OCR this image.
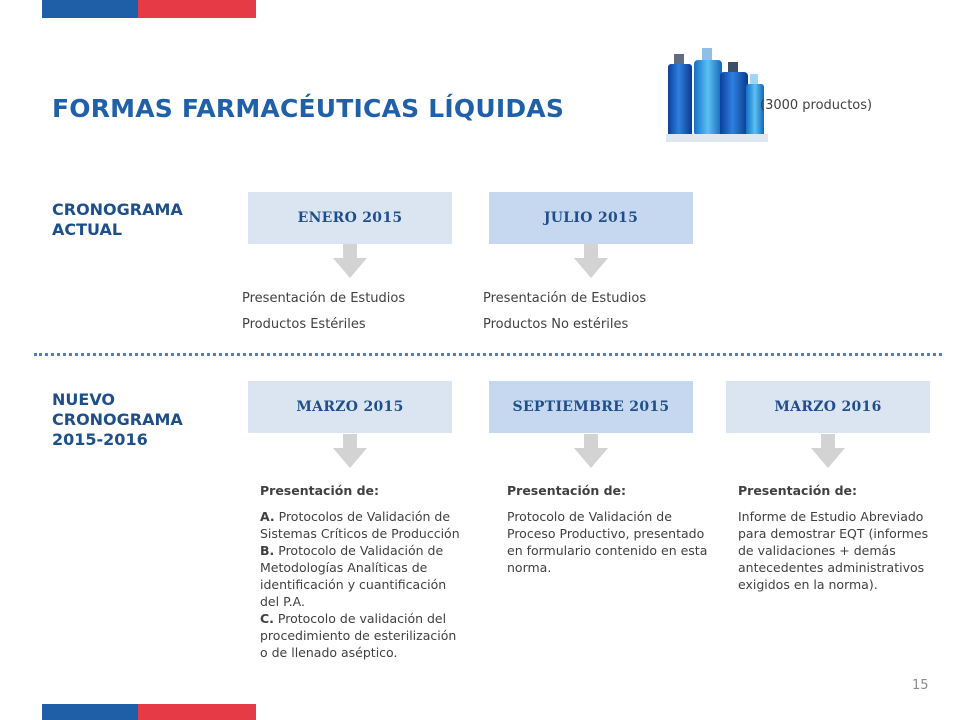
FORMAS FARMACÉUTICAS LÍQUIDAS	(3000 productos)
CRONOGRAMA
ACTUAL
ENERO 2015	JULIO 2015
Presentación de Estudios
Productos Estériles
Presentación de Estudios
Productos No estériles
NUEVO
CRONOGRAMA
2015-2016
MARZO 2015	SEPTIEMBRE 2015	MARZO 2016
Presentación de:
A. Protocolos de Validación de Sistemas Críticos de Producción
B. Protocolo de Validación de Metodologías Analíticas de identificación y cuantificación del P.A.
C. Protocolo de validación del procedimiento de esterilización o de llenado aséptico.
Presentación de:
Protocolo de Validación de Proceso Productivo, presentado en formulario contenido en esta norma.
Presentación de:
Informe de Estudio Abreviado para demostrar EQT (informes de validaciones + demás antecedentes administrativos exigidos en la norma).
15
